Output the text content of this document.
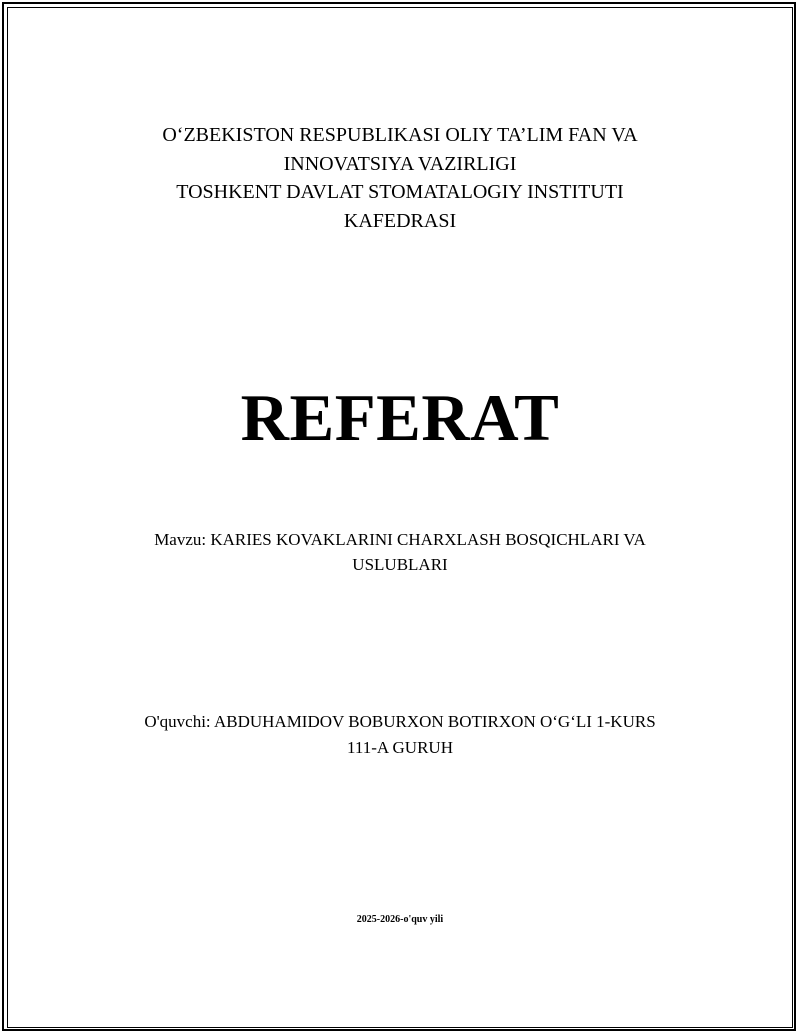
O‘ZBEKISTON RESPUBLIKASI OLIY TA’LIM FAN VA
INNOVATSIYA VAZIRLIGI
TOSHKENT DAVLAT STOMATALOGIY INSTITUTI
KAFEDRASI
REFERAT
Mavzu: KARIES KOVAKLARINI CHARXLASH BOSQICHLARI VA
USLUBLARI
O'quvchi: ABDUHAMIDOV BOBURXON BOTIRXON O‘G‘LI 1-KURS
111-A GURUH
2025-2026-o'quv yili
